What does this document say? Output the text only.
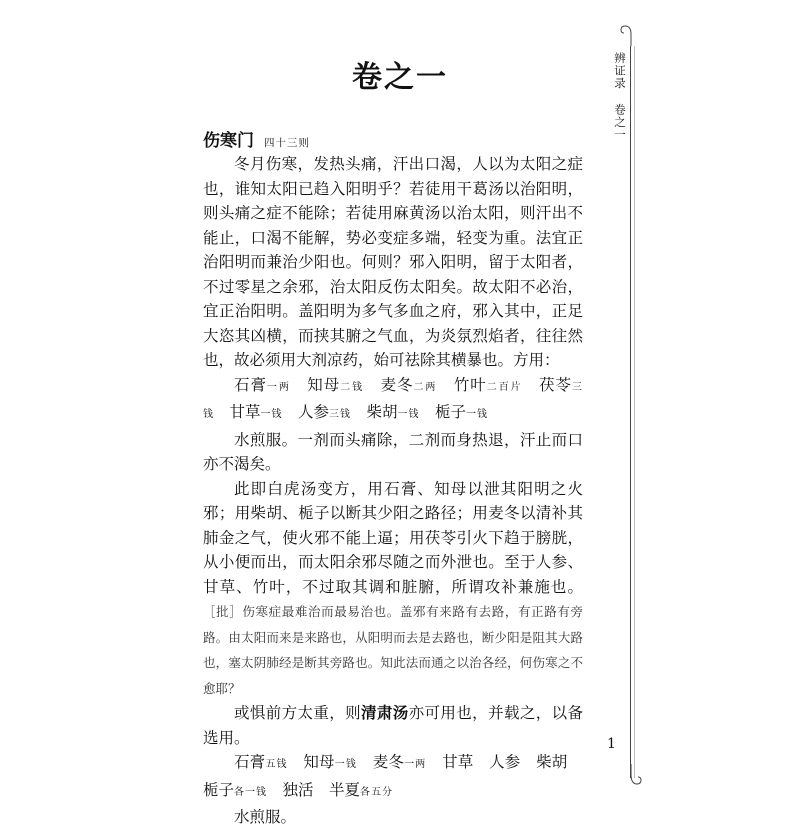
卷之一
伤寒门 四十三则

冬月伤寒，发热头痛，汗出口渴，人以为太阳之症也，谁知太阳已趋入阳明乎？若徒用干葛汤以治阳明，则头痛之症不能除；若徒用麻黄汤以治太阳，则汗出不能止，口渴不能解，势必变症多端，轻变为重。法宜正治阳明而兼治少阳也。何则？邪入阳明，留于太阳者，不过零星之余邪，治太阳反伤太阳矣。故太阳不必治，宜正治阳明。盖阳明为多气多血之府，邪入其中，正足大恣其凶横，而挟其腑之气血，为炎氛烈焰者，往往然也，故必须用大剂凉药，始可祛除其横暴也。方用：

石膏一两  知母二钱  麦冬二两  竹叶二百片  茯苓三钱  甘草一钱  人参三钱  柴胡一钱  栀子一钱

水煎服。一剂而头痛除，二剂而身热退，汗止而口亦不渴矣。

此即白虎汤变方，用石膏、知母以泄其阳明之火邪；用柴胡、栀子以断其少阳之路径；用麦冬以清补其肺金之气，使火邪不能上逼；用茯苓引火下趋于膀胱，从小便而出，而太阳余邪尽随之而外泄也。至于人参、甘草、竹叶，不过取其调和脏腑，所谓攻补兼施也。［批］伤寒症最难治而最易治也。盖邪有来路有去路，有正路有旁路。由太阳而来是来路也，从阳明而去是去路也，断少阳是阻其大路也，塞太阴肺经是断其旁路也。知此法而通之以治各经，何伤寒之不愈耶？

或惧前方太重，则清肃汤亦可用也，并载之，以备选用。

石膏五钱  知母一钱  麦冬一两  甘草  人参  柴胡 栀子各一钱  独活  半夏各五分

水煎服。

辨证录卷之一
1
